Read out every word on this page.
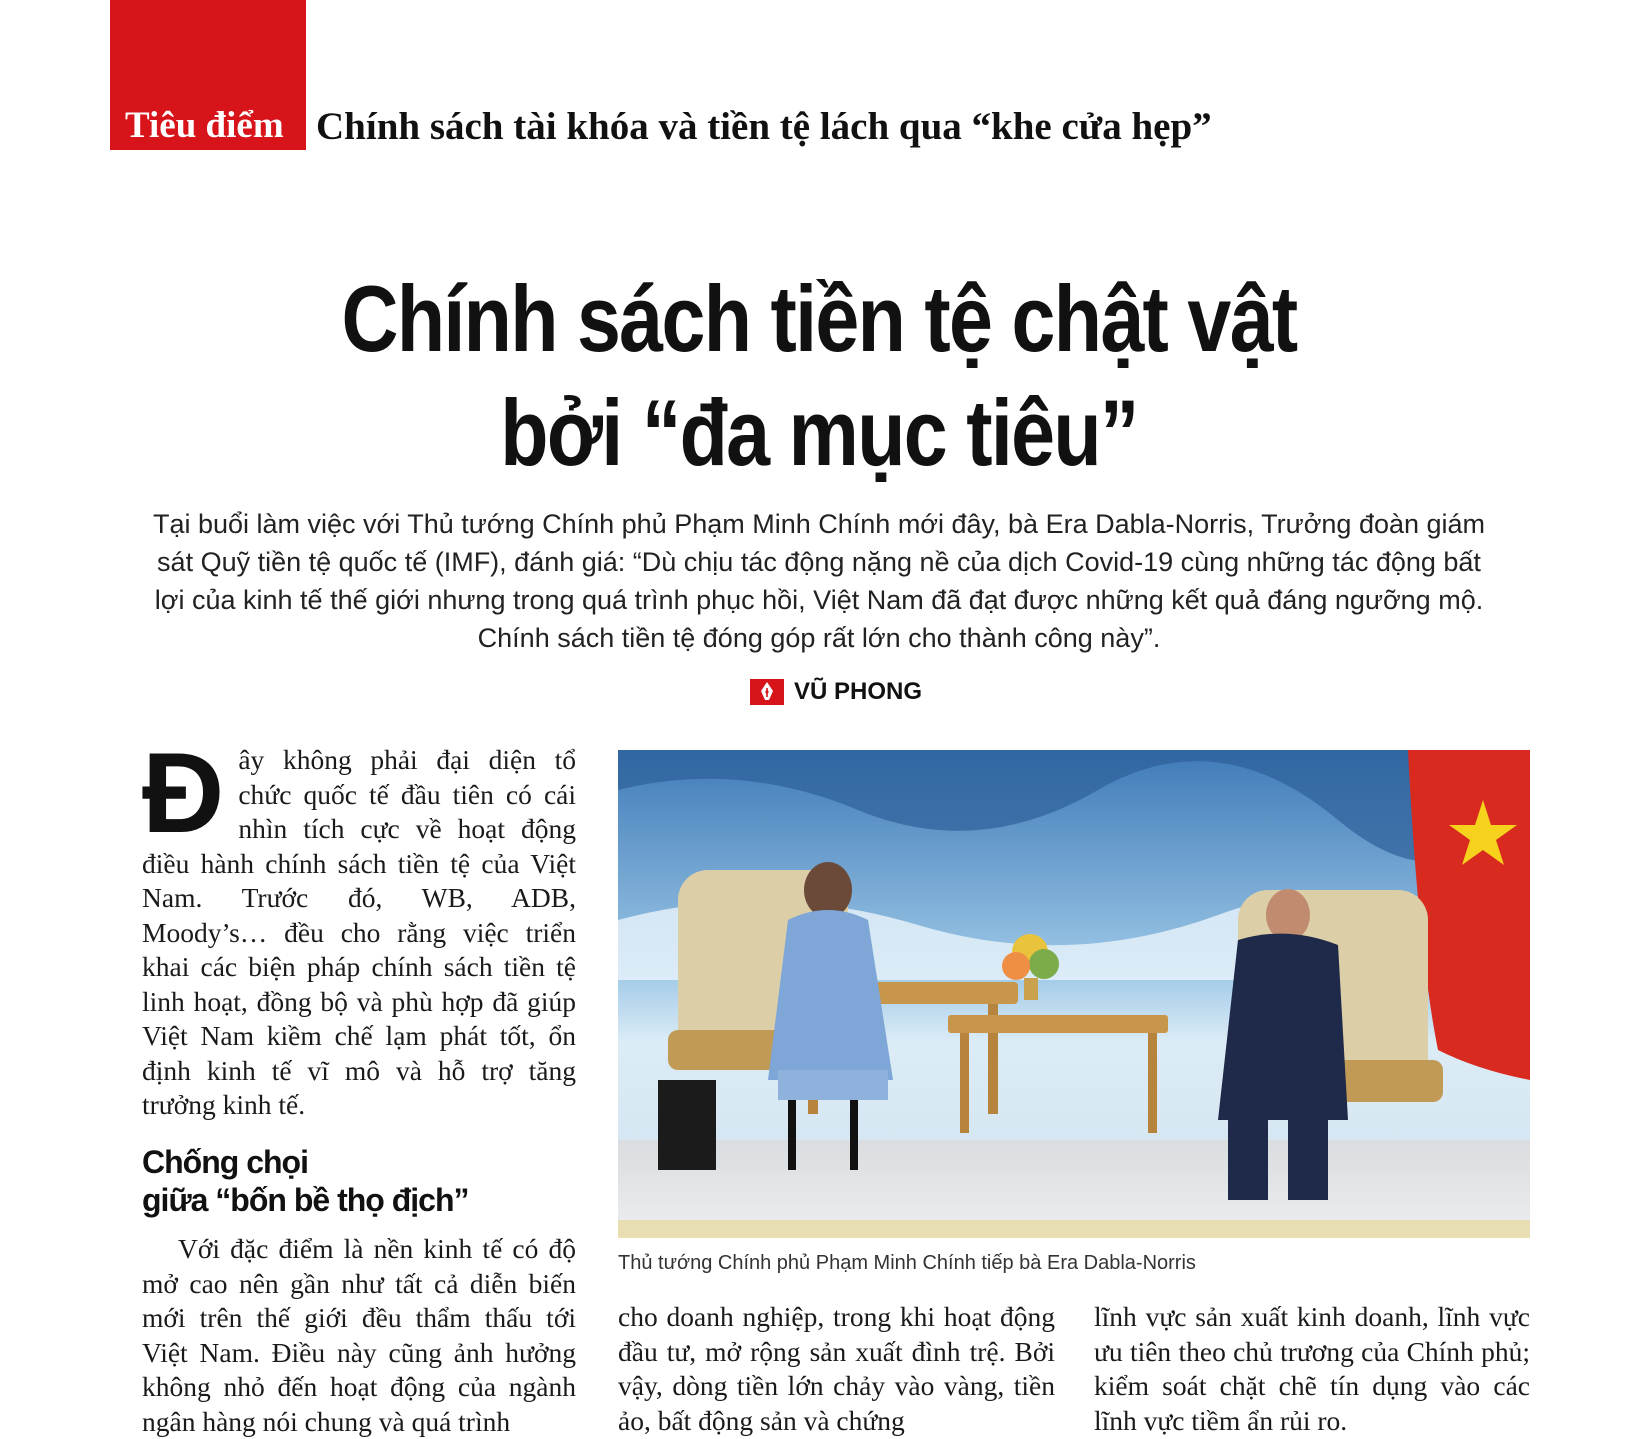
Tiêu điểm Chính sách tài khóa và tiền tệ lách qua “khe cửa hẹp”
Chính sách tiền tệ chật vật
bởi “đa mục tiêu”
Tại buổi làm việc với Thủ tướng Chính phủ Phạm Minh Chính mới đây, bà Era Dabla-Norris, Trưởng đoàn giám sát Quỹ tiền tệ quốc tế (IMF), đánh giá: “Dù chịu tác động nặng nề của dịch Covid-19 cùng những tác động bất lợi của kinh tế thế giới nhưng trong quá trình phục hồi, Việt Nam đã đạt được những kết quả đáng ngưỡng mộ. Chính sách tiền tệ đóng góp rất lớn cho thành công này”.
VŨ PHONG
Đ ây không phải đại diện tổ chức quốc tế đầu tiên có cái nhìn tích cực về hoạt động điều hành chính sách tiền tệ của Việt Nam. Trước đó, WB, ADB, Moody’s… đều cho rằng việc triển khai các biện pháp chính sách tiền tệ linh hoạt, đồng bộ và phù hợp đã giúp Việt Nam kiềm chế lạm phát tốt, ổn định kinh tế vĩ mô và hỗ trợ tăng trưởng kinh tế.

Chống chọi
giữa “bốn bề thọ địch”

Với đặc điểm là nền kinh tế có độ mở cao nên gần như tất cả diễn biến mới trên thế giới đều thẩm thấu tới Việt Nam. Điều này cũng ảnh hưởng không nhỏ đến hoạt động của ngành ngân hàng nói chung và quá trình

Thủ tướng Chính phủ Phạm Minh Chính tiếp bà Era Dabla-Norris

cho doanh nghiệp, trong khi hoạt động đầu tư, mở rộng sản xuất đình trệ. Bởi vậy, dòng tiền lớn chảy vào vàng, tiền ảo, bất động sản và chứng

lĩnh vực sản xuất kinh doanh, lĩnh vực ưu tiên theo chủ trương của Chính phủ; kiểm soát chặt chẽ tín dụng vào các lĩnh vực tiềm ẩn rủi ro.
